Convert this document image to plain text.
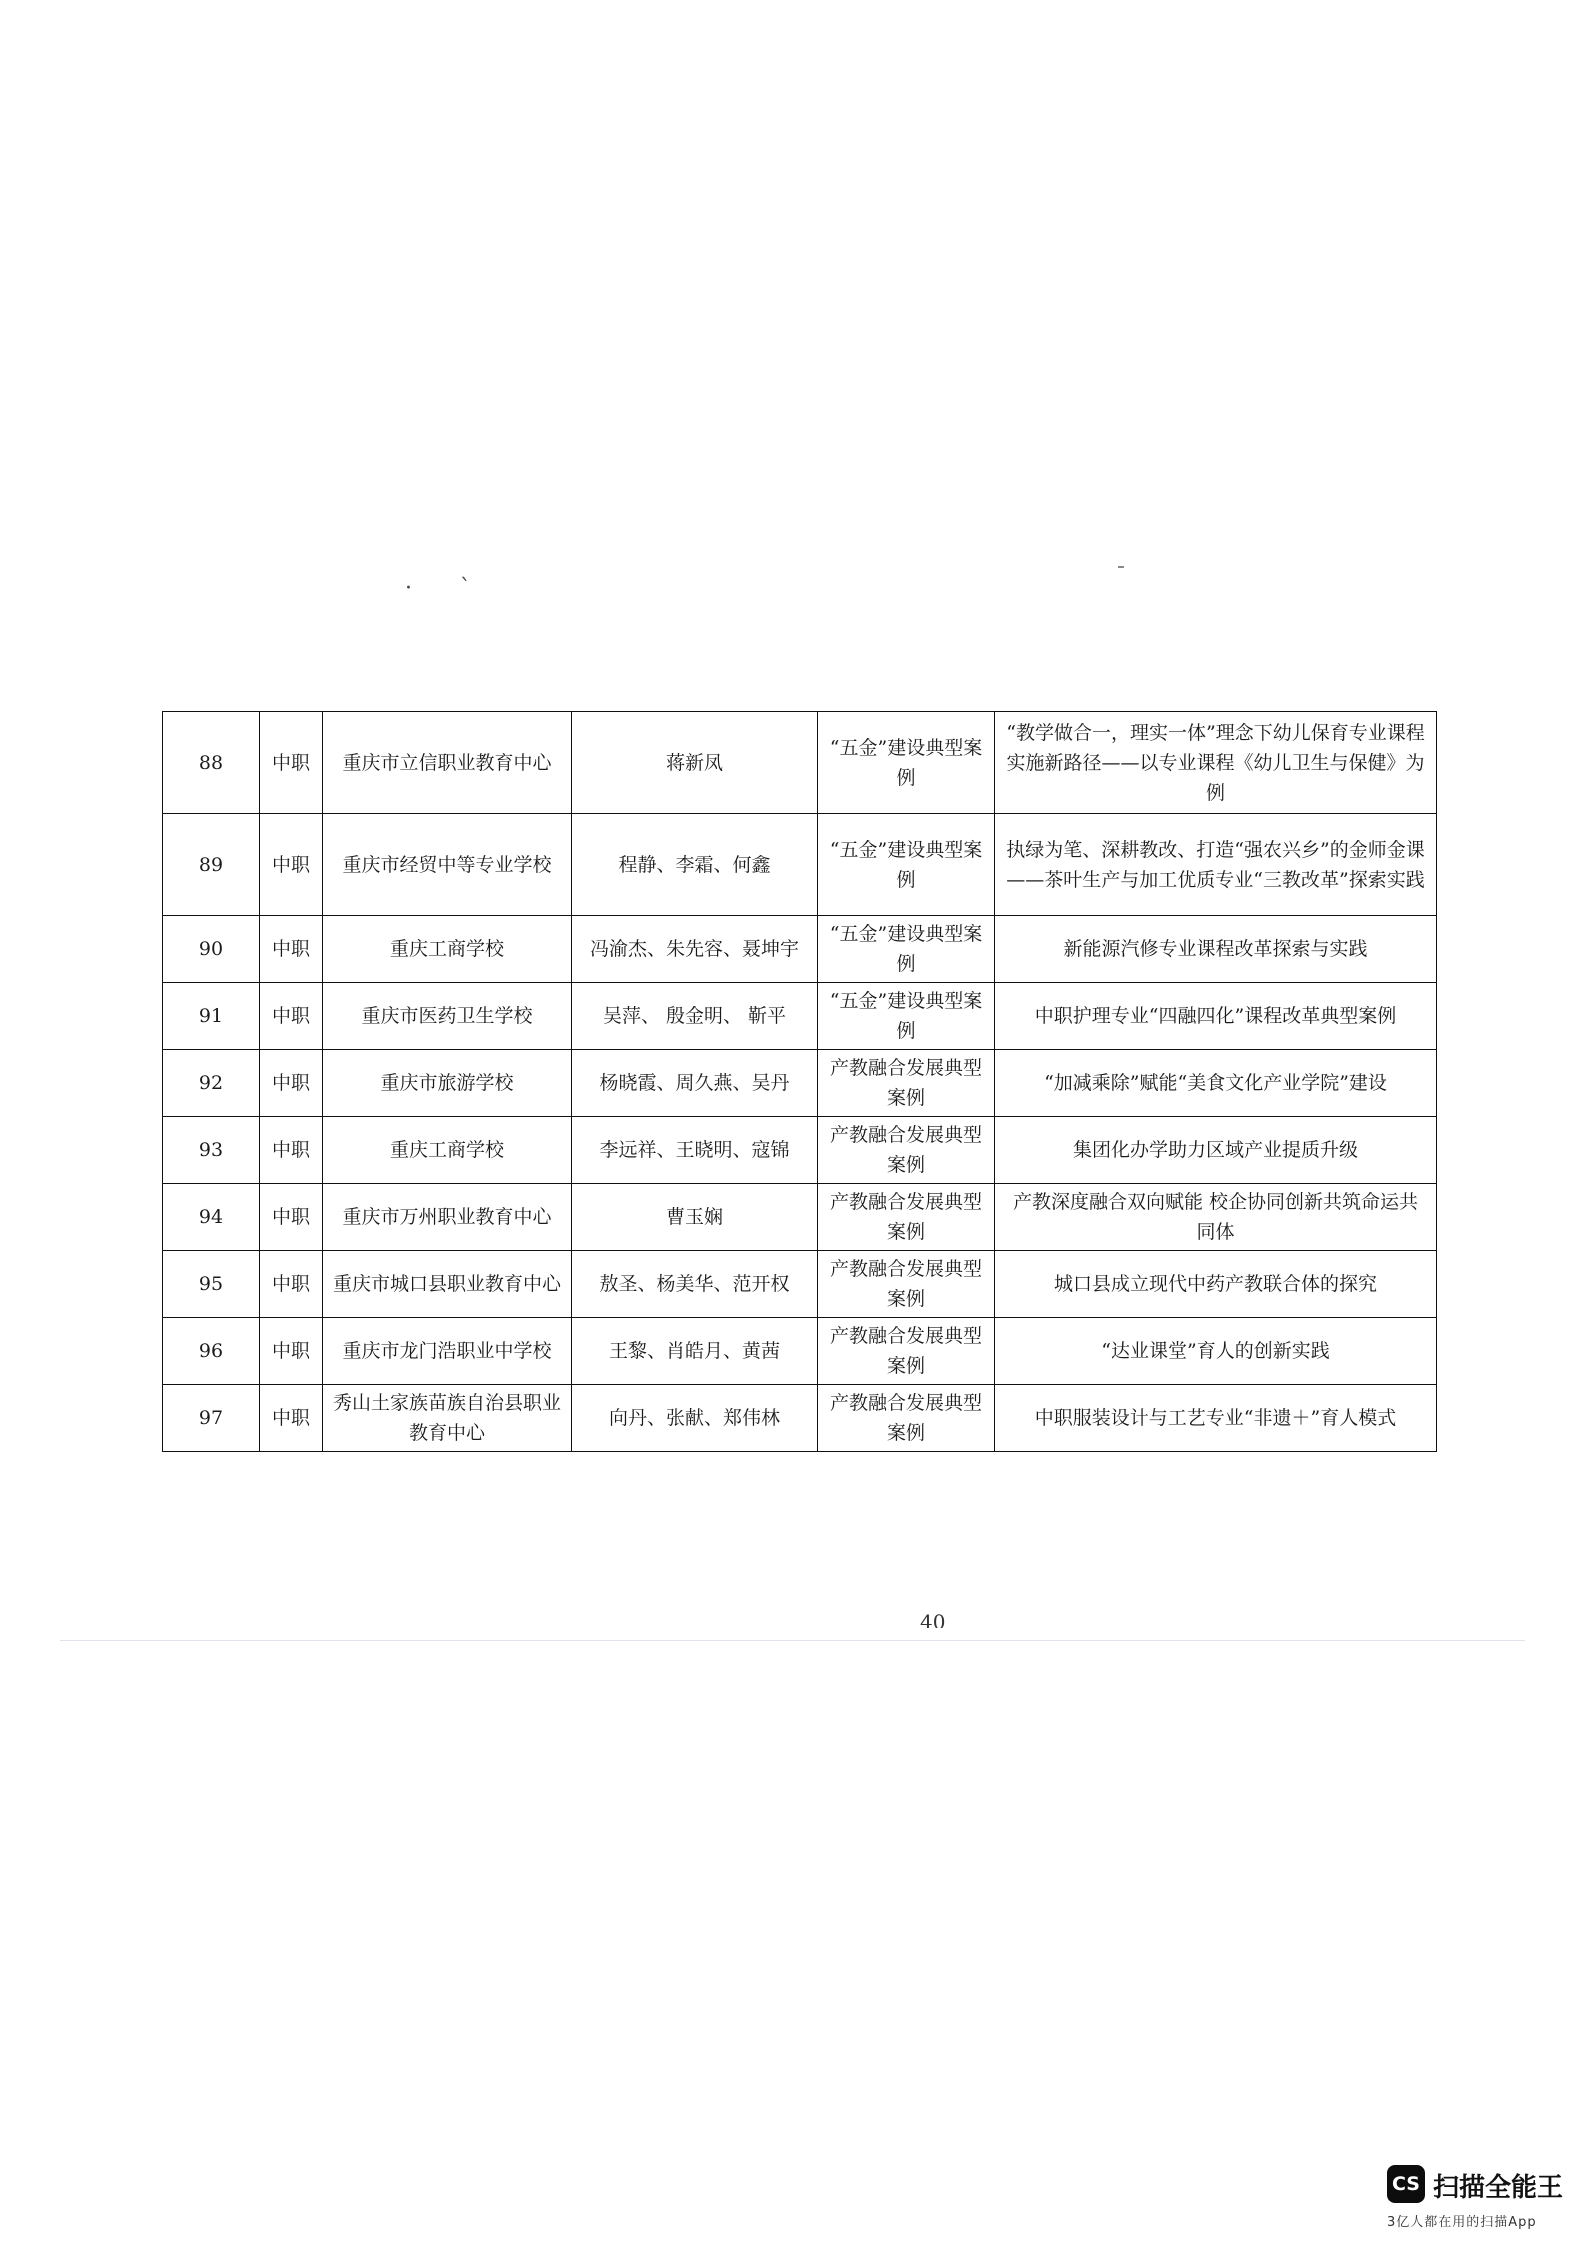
·​`
88	中职	重庆市立信职业教育中心	蒋新凤	“五金”建设典型案例	“教学做合一，理实一体”理念下幼儿保育专业课程实施新路径——以专业课程《幼儿卫生与保健》为例
89	中职	重庆市经贸中等专业学校	程静、李霜、何鑫	“五金”建设典型案例	执绿为笔、深耕教改、打造“强农兴乡”的金师金课——茶叶生产与加工优质专业“三教改革”探索实践
90	中职	重庆工商学校	冯渝杰、朱先容、聂坤宇	“五金”建设典型案例	新能源汽修专业课程改革探索与实践
91	中职	重庆市医药卫生学校	吴萍、 殷金明、 靳平	“五金”建设典型案例	中职护理专业“四融四化”课程改革典型案例
92	中职	重庆市旅游学校	杨晓霞、周久燕、吴丹	产教融合发展典型案例	“加减乘除”赋能“美食文化产业学院”建设
93	中职	重庆工商学校	李远祥、王晓明、寇锦	产教融合发展典型案例	集团化办学助力区域产业提质升级
94	中职	重庆市万州职业教育中心	曹玉娴	产教融合发展典型案例	产教深度融合双向赋能 校企协同创新共筑命运共同体
95	中职	重庆市城口县职业教育中心	敖圣、杨美华、范开权	产教融合发展典型案例	城口县成立现代中药产教联合体的探究
96	中职	重庆市龙门浩职业中学校	王黎、肖皓月、黄茜	产教融合发展典型案例	“达业课堂”育人的创新实践
97	中职	秀山土家族苗族自治县职业教育中心	向丹、张献、郑伟林	产教融合发展典型案例	中职服装设计与工艺专业“非遗＋”育人模式
40
CS 扫描全能王
3亿人都在用的扫描App
